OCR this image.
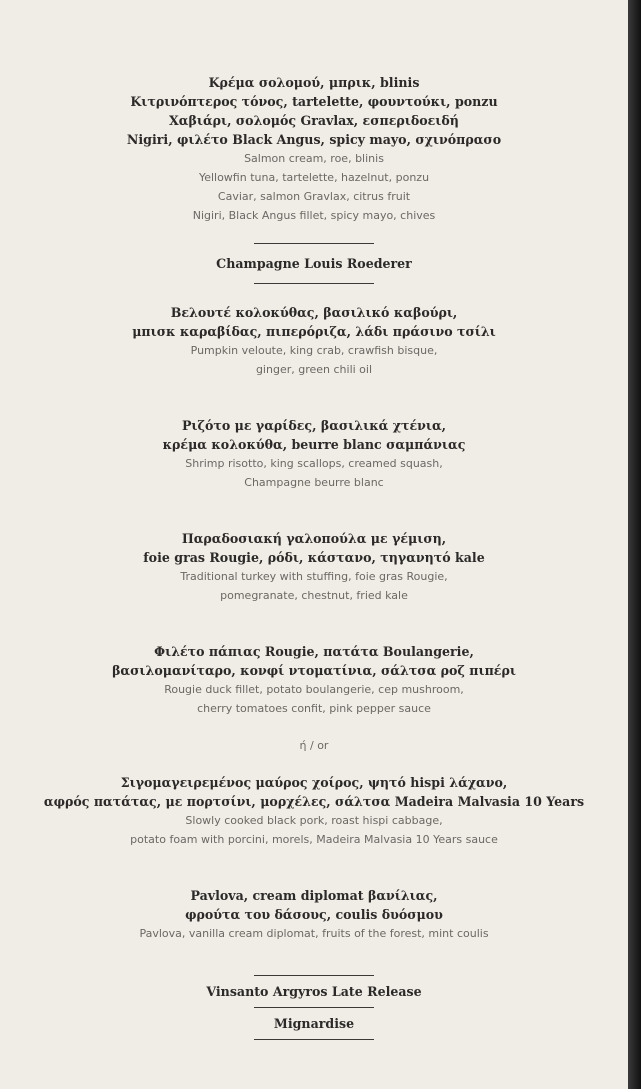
Κρέμα σολομού, μπρικ, blinis

Κιτρινόπτερος τόνος, tartelette, φουντούκι, ponzu

Χαβιάρι, σολομός Gravlax, εσπεριδοειδή

Nigiri, φιλέτο Black Angus, spicy mayo, σχινόπρασο

Salmon cream, roe, blinis

Yellowfin tuna, tartelette, hazelnut, ponzu

Caviar, salmon Gravlax, citrus fruit

Nigiri, Black Angus fillet, spicy mayo, chives

Champagne Louis Roederer

Βελουτέ κολοκύθας, βασιλικό καβούρι,

μπισκ καραβίδας, πιπερόριζα, λάδι πράσινο τσίλι

Pumpkin veloute, king crab, crawfish bisque,

ginger, green chili oil

Ριζότο με γαρίδες, βασιλικά χτένια,

κρέμα κολοκύθα, beurre blanc σαμπάνιας

Shrimp risotto, king scallops, creamed squash,

Champagne beurre blanc

Παραδοσιακή γαλοπούλα με γέμιση,

foie gras Rougie, ρόδι, κάστανο, τηγανητό kale

Traditional turkey with stuffing, foie gras Rougie,

pomegranate, chestnut, fried kale

Φιλέτο πάπιας Rougie, πατάτα Boulangerie,

βασιλομανίταρο, κονφί ντοματίνια, σάλτσα ροζ πιπέρι

Rougie duck fillet, potato boulangerie, cep mushroom,

cherry tomatoes confit, pink pepper sauce

ή / or

Σιγομαγειρεμένος μαύρος χοίρος, ψητό hispi λάχανο,

αφρός πατάτας, με πορτσίνι, μορχέλες, σάλτσα Madeira Malvasia 10 Years

Slowly cooked black pork, roast hispi cabbage,

potato foam with porcini, morels, Madeira Malvasia 10 Years sauce

Pavlova, cream diplomat βανίλιας,

φρούτα του δάσους, coulis δυόσμου

Pavlova, vanilla cream diplomat, fruits of the forest, mint coulis

Vinsanto Argyros Late Release

Mignardise
